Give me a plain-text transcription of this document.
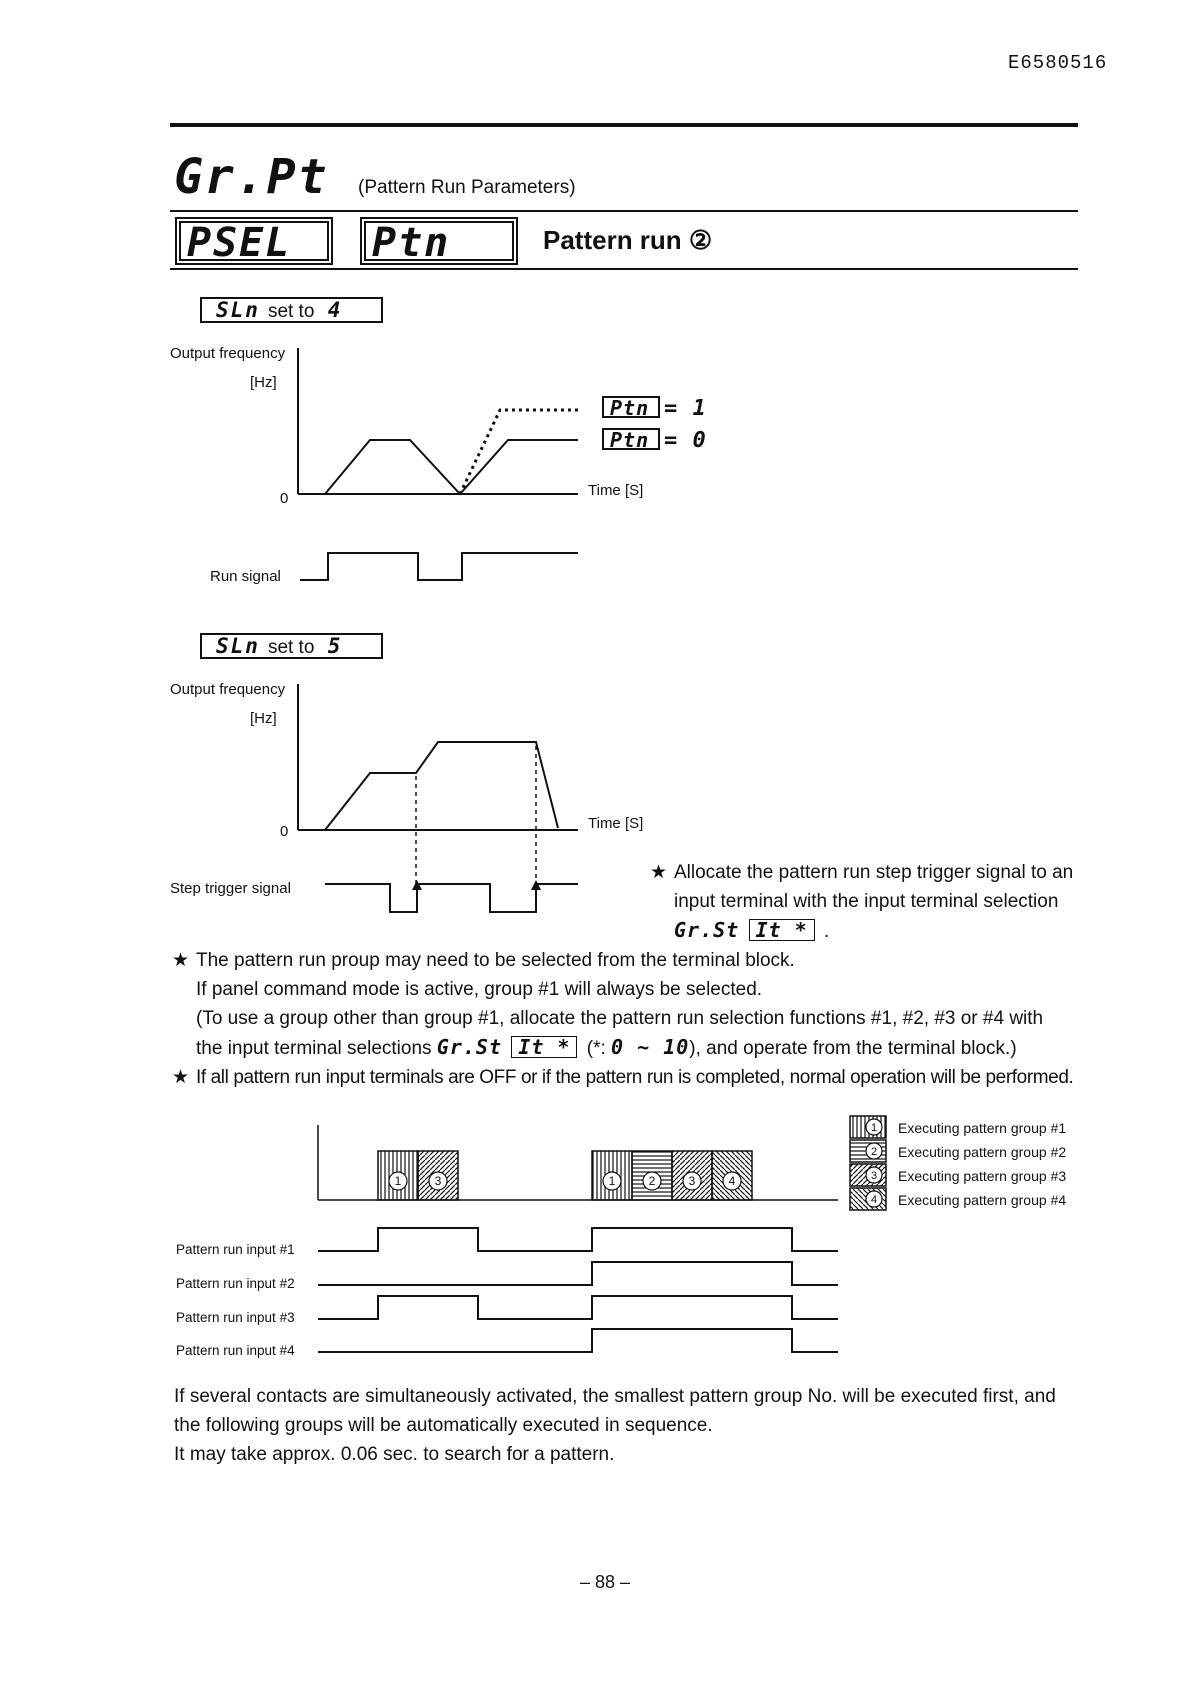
E6580516
Gr.Pt (Pattern Run Parameters)
PSEL	Ptn	Pattern run ②
SLn set to 4
Output frequency
[Hz]
0	Time [S]
Run signal
Ptn = 1
Ptn = 0
SLn set to 5
Output frequency
[Hz]
0	Time [S]
Step trigger signal
★ Allocate the pattern run step trigger signal to an
input terminal with the input terminal selection
Gr.St It * .
★ The pattern run proup may need to be selected from the terminal block.
If panel command mode is active, group #1 will always be selected.
(To use a group other than group #1, allocate the pattern run selection functions #1, #2, #3 or #4 with
the input terminal selections Gr.St It * (*: 0 ~ 10), and operate from the terminal block.)
★ If all pattern run input terminals are OFF or if the pattern run is completed, normal operation will be performed.
1	3	1	2	3	4
Pattern run input #1
Pattern run input #2
Pattern run input #3
Pattern run input #4
1
2
3
4
Executing pattern group #1
Executing pattern group #2
Executing pattern group #3
Executing pattern group #4
If several contacts are simultaneously activated, the smallest pattern group No. will be executed first, and
the following groups will be automatically executed in sequence.
It may take approx. 0.06 sec. to search for a pattern.
– 88 –
